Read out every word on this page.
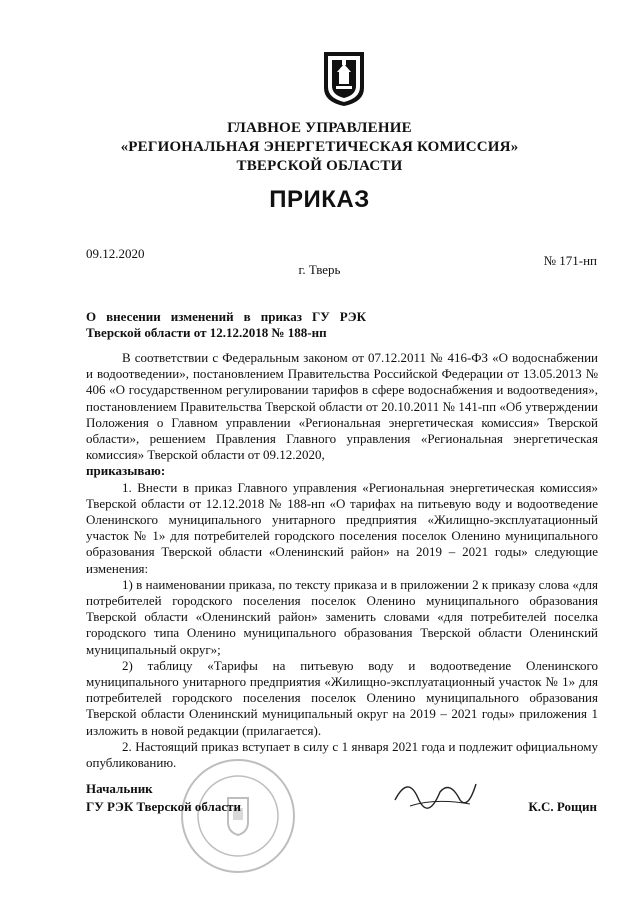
ГЛАВНОЕ УПРАВЛЕНИЕ
«РЕГИОНАЛЬНАЯ ЭНЕРГЕТИЧЕСКАЯ КОМИССИЯ»
ТВЕРСКОЙ ОБЛАСТИ
ПРИКАЗ
09.12.2020	№ 171-нп
г. Тверь
О внесении изменений в приказ ГУ РЭК Тверской области от 12.12.2018 № 188-нп

В соответствии с Федеральным законом от 07.12.2011 № 416-ФЗ «О водоснабжении и водоотведении», постановлением Правительства Российской Федерации от 13.05.2013 № 406 «О государственном регулировании тарифов в сфере водоснабжения и водоотведения», постановлением Правительства Тверской области от 20.10.2011 № 141-пп «Об утверждении Положения о Главном управлении «Региональная энергетическая комиссия» Тверской области», решением Правления Главного управления «Региональная энергетическая комиссия» Тверской области от 09.12.2020,

приказываю:

1. Внести в приказ Главного управления «Региональная энергетическая комиссия» Тверской области от 12.12.2018 № 188-нп «О тарифах на питьевую воду и водоотведение Оленинского муниципального унитарного предприятия «Жилищно-эксплуатационный участок № 1» для потребителей городского поселения поселок Оленино муниципального образования Тверской области «Оленинский район» на 2019 – 2021 годы» следующие изменения:

1) в наименовании приказа, по тексту приказа и в приложении 2 к приказу слова «для потребителей городского поселения поселок Оленино муниципального образования Тверской области «Оленинский район» заменить словами «для потребителей поселка городского типа Оленино муниципального образования Тверской области Оленинский муниципальный округ»;

2) таблицу «Тарифы на питьевую воду и водоотведение Оленинского муниципального унитарного предприятия «Жилищно-эксплуатационный участок № 1» для потребителей городского поселения поселок Оленино муниципального образования Тверской области Оленинский муниципальный округ на 2019 – 2021 годы» приложения 1 изложить в новой редакции (прилагается).

2. Настоящий приказ вступает в силу с 1 января 2021 года и подлежит официальному опубликованию.

Начальник
ГУ РЭК Тверской области	К.С. Рощин
